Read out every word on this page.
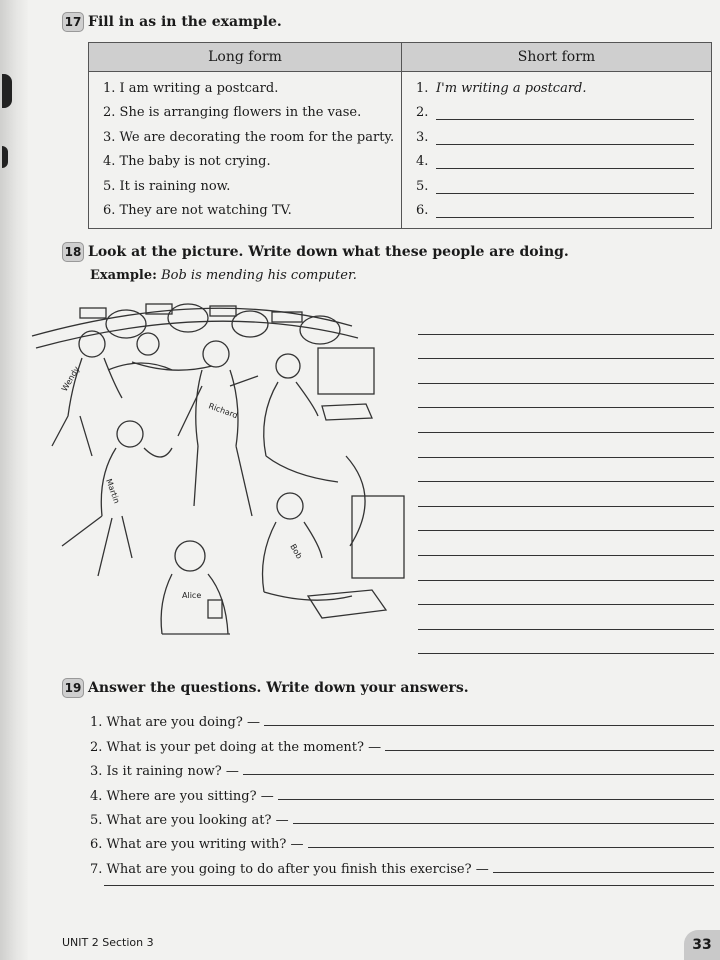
17 Fill in as in the example.
Long form	Short form
1. I am writing a postcard.	1. I'm writing a postcard.
2. She is arranging flowers in the vase.	2.
3. We are decorating the room for the party.	3.
4. The baby is not crying.	4.
5. It is raining now.	5.
6. They are not watching TV.	6.
18 Look at the picture. Write down what these people are doing.
Example: Bob is mending his computer.
Wendy
Richard
Martin
Bob
Alice
19 Answer the questions. Write down your answers.
1. What are you doing? —
2. What is your pet doing at the moment? —
3. Is it raining now? —
4. Where are you sitting? —
5. What are you looking at? —
6. What are you writing with? —
7. What are you going to do after you finish this exercise? —
UNIT 2 Section 3	33
